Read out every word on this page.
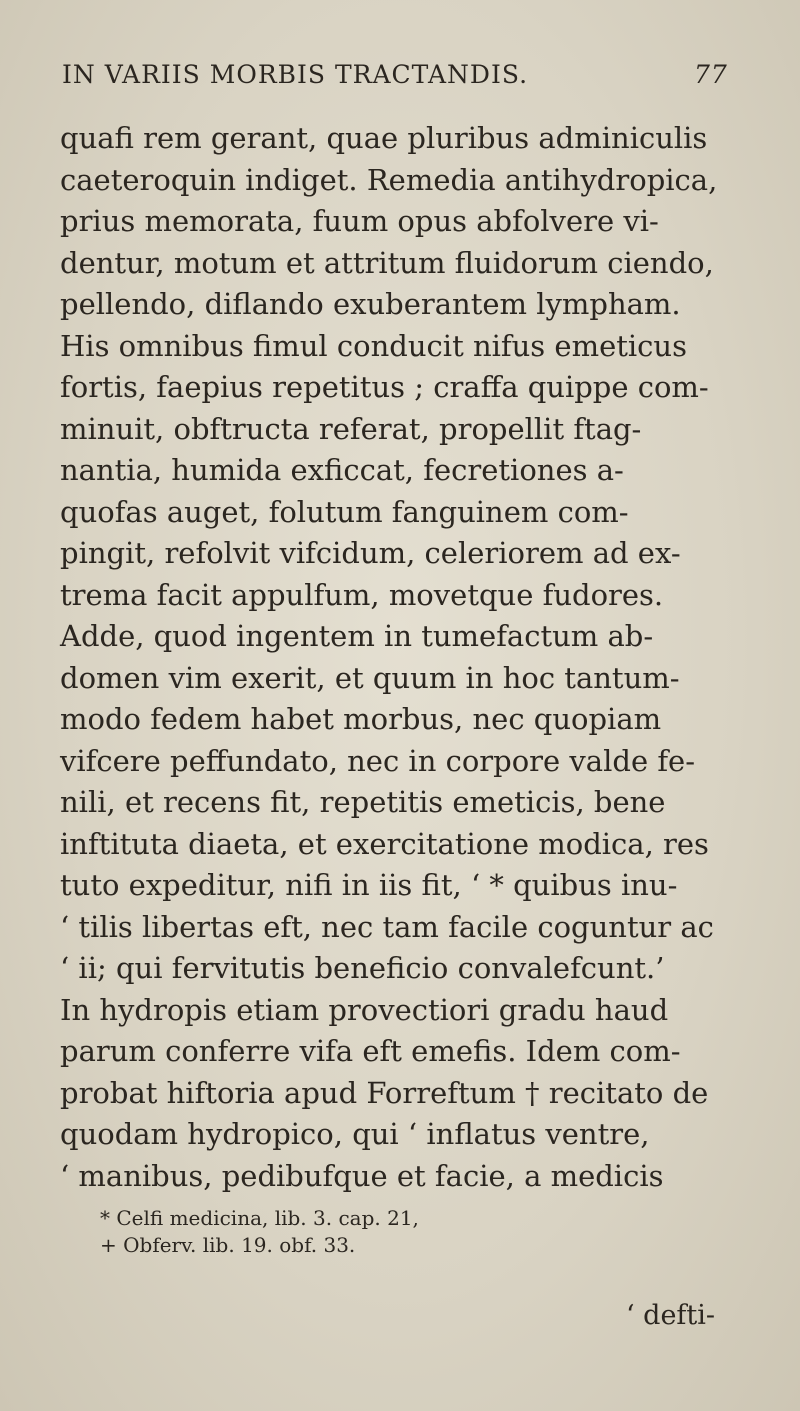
IN VARIIS MORBIS TRACTANDIS.	77
quafi rem gerant, quae pluribus adminiculis
caeteroquin indiget. Remedia antihydropica,
prius memorata, fuum opus abfolvere vi-
dentur, motum et attritum fluidorum ciendo,
pellendo, diflando exuberantem lympham.
His omnibus fimul conducit nifus emeticus
fortis, faepius repetitus ; craffa quippe com-
minuit, obftructa referat, propellit ftag-
nantia, humida exficcat, fecretiones a-
quofas auget, folutum fanguinem com-
pingit, refolvit vifcidum, celeriorem ad ex-
trema facit appulfum, movetque fudores.
Adde, quod ingentem in tumefactum ab-
domen vim exerit, et quum in hoc tantum-
modo fedem habet morbus, nec quopiam
vifcere peffundato, nec in corpore valde fe-
nili, et recens fit, repetitis emeticis, bene
inftituta diaeta, et exercitatione modica, res
tuto expeditur, nifi in iis fit, ‘ * quibus inu-
‘ tilis libertas eft, nec tam facile coguntur ac
‘ ii; qui fervitutis beneficio convalefcunt.’
In hydropis etiam provectiori gradu haud
parum conferre vifa eft emefis. Idem com-
probat hiftoria apud Forreftum † recitato de
quodam hydropico, qui ‘ inflatus ventre,
‘ manibus, pedibufque et facie, a medicis
* Celfi medicina, lib. 3. cap. 21,
+ Obferv. lib. 19. obf. 33.
‘ defti-
